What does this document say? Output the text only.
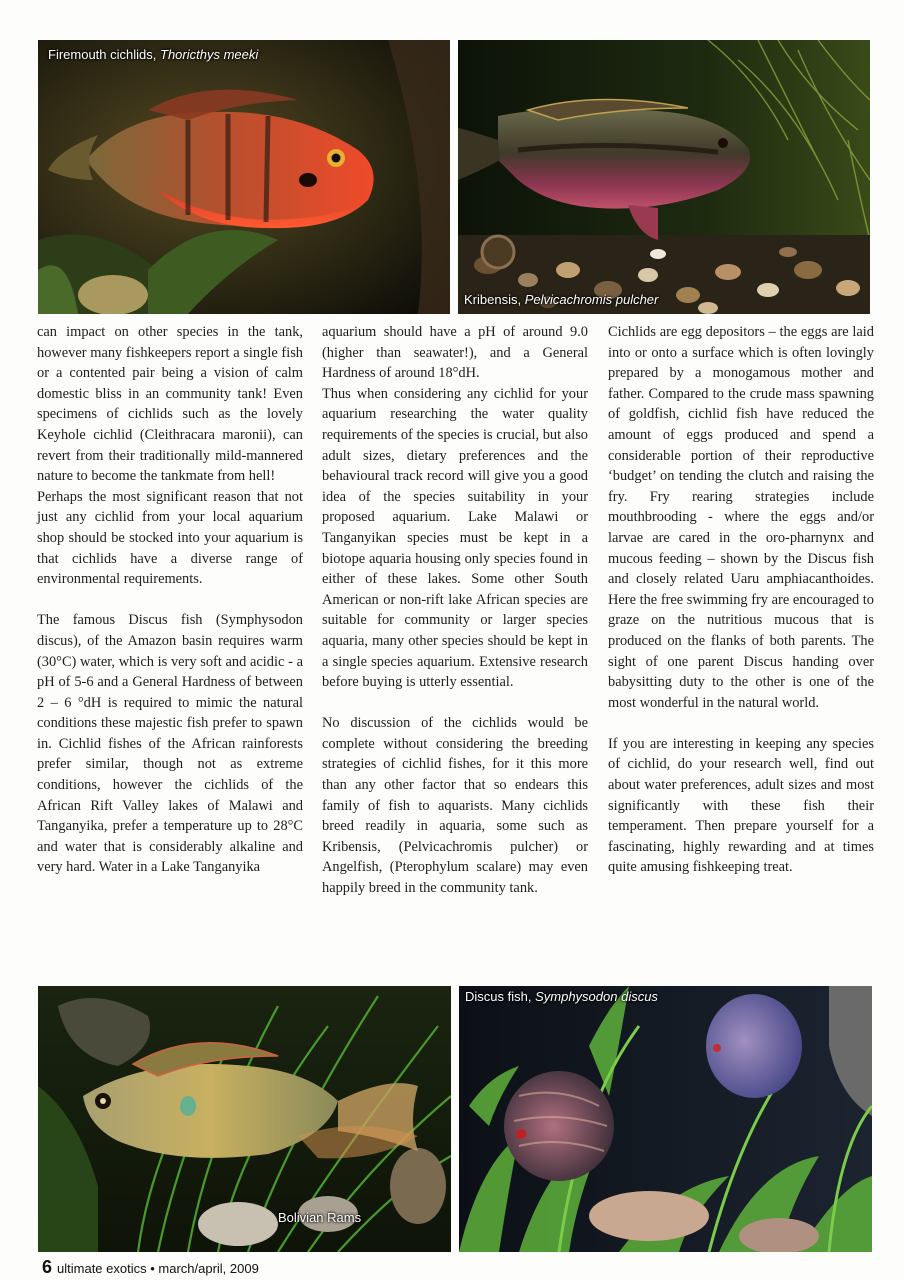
Firemouth cichlids, Thoricthys meeki
Kribensis, Pelvicachromis pulcher

can impact on other species in the tank, however many fishkeepers report a single fish or a contented pair being a vision of calm domestic bliss in an community tank! Even specimens of cichlids such as the lovely Keyhole cichlid (Cleithracara maronii), can revert from their traditionally mild-mannered nature to become the tankmate from hell!

Perhaps the most significant reason that not just any cichlid from your local aquarium shop should be stocked into your aquarium is that cichlids have a diverse range of environmental requirements.

The famous Discus fish (Symphysodon discus), of the Amazon basin requires warm (30°C) water, which is very soft and acidic - a pH of 5-6 and a General Hardness of between 2 – 6 °dH is required to mimic the natural conditions these majestic fish prefer to spawn in. Cichlid fishes of the African rainforests prefer similar, though not as extreme conditions, however the cichlids of the African Rift Valley lakes of Malawi and Tanganyika, prefer a temperature up to 28°C and water that is considerably alkaline and very hard. Water in a Lake Tanganyika

aquarium should have a pH of around 9.0 (higher than seawater!), and a General Hardness of around 18°dH.

Thus when considering any cichlid for your aquarium researching the water quality requirements of the species is crucial, but also adult sizes, dietary preferences and the behavioural track record will give you a good idea of the species suitability in your proposed aquarium. Lake Malawi or Tanganyikan species must be kept in a biotope aquaria housing only species found in either of these lakes. Some other South American or non-rift lake African species are suitable for community or larger species aquaria, many other species should be kept in a single species aquarium. Extensive research before buying is utterly essential.

No discussion of the cichlids would be complete without considering the breeding strategies of cichlid fishes, for it this more than any other factor that so endears this family of fish to aquarists. Many cichlids breed readily in aquaria, some such as Kribensis, (Pelvicachromis pulcher) or Angelfish, (Pterophylum scalare) may even happily breed in the community tank.

Cichlids are egg depositors – the eggs are laid into or onto a surface which is often lovingly prepared by a monogamous mother and father. Compared to the crude mass spawning of goldfish, cichlid fish have reduced the amount of eggs produced and spend a considerable portion of their reproductive ‘budget’ on tending the clutch and raising the fry. Fry rearing strategies include mouthbrooding - where the eggs and/or larvae are cared in the oro-pharnynx and mucous feeding – shown by the Discus fish and closely related Uaru amphiacanthoides. Here the free swimming fry are encouraged to graze on the nutritious mucous that is produced on the flanks of both parents. The sight of one parent Discus handing over babysitting duty to the other is one of the most wonderful in the natural world.

If you are interesting in keeping any species of cichlid, do your research well, find out about water preferences, adult sizes and most significantly with these fish their temperament. Then prepare yourself for a fascinating, highly rewarding and at times quite amusing fishkeeping treat.

Bolivian Rams
Discus fish, Symphysodon discus
6 ultimate exotics • march/april, 2009
